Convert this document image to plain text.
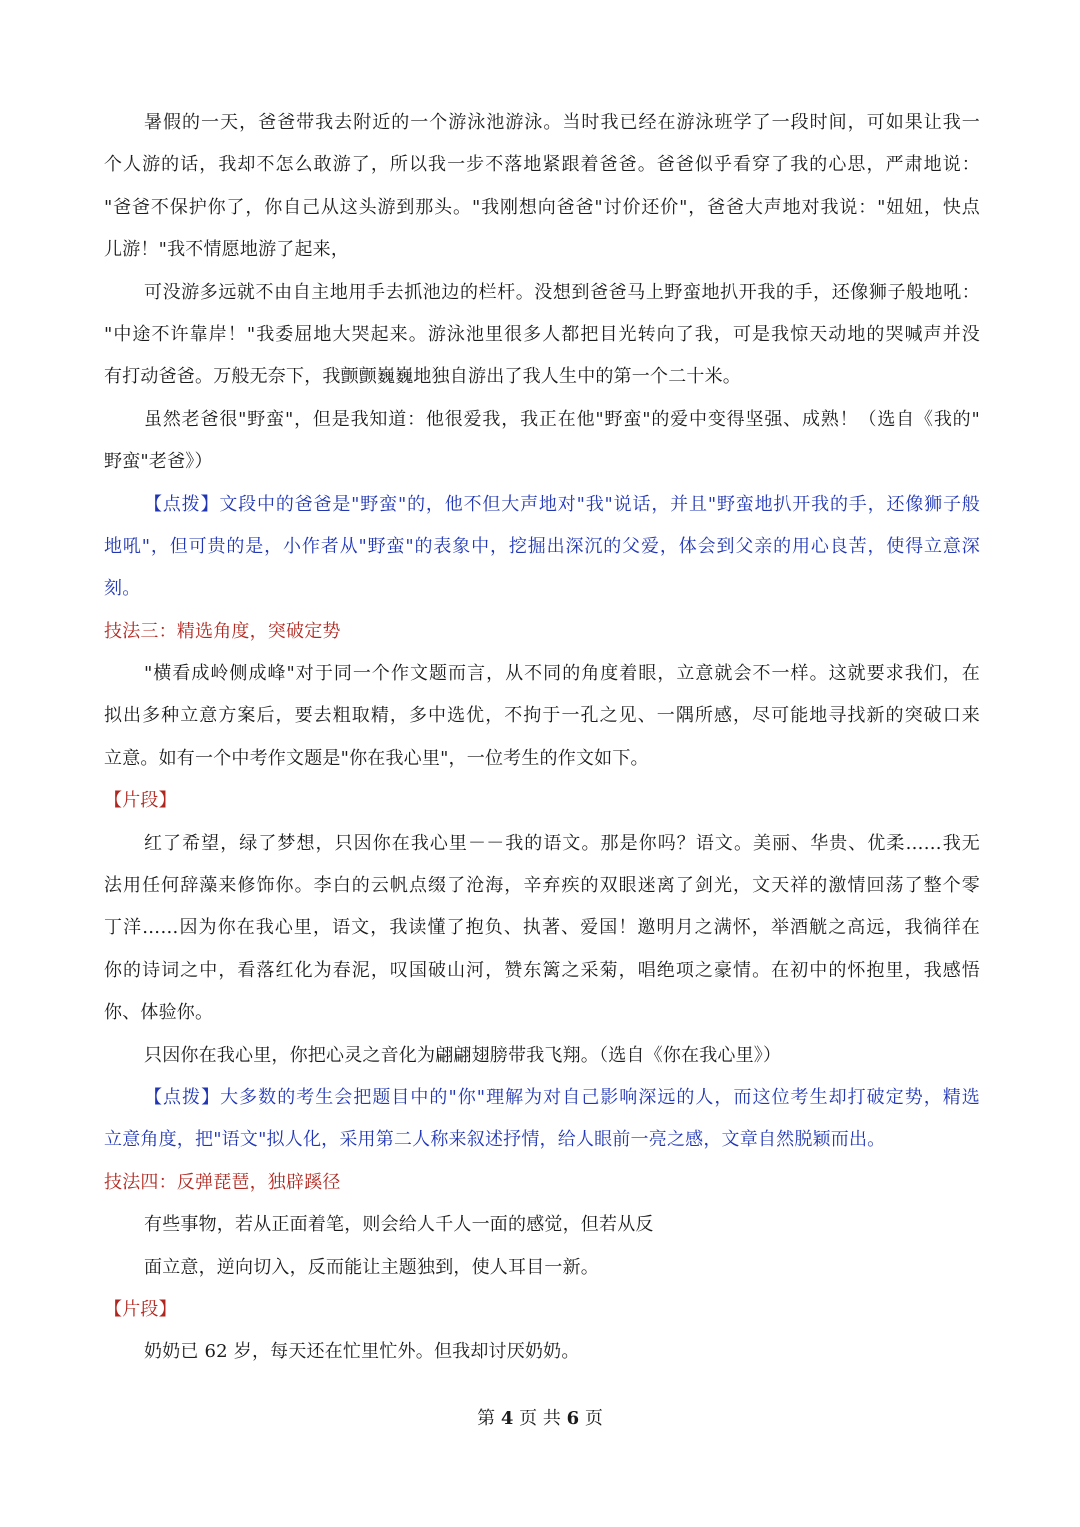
暑假的一天，爸爸带我去附近的一个游泳池游泳。当时我已经在游泳班学了一段时间，可如果让我一
个人游的话，我却不怎么敢游了，所以我一步不落地紧跟着爸爸。爸爸似乎看穿了我的心思，严肃地说：
"爸爸不保护你了，你自己从这头游到那头。"我刚想向爸爸"讨价还价"，爸爸大声地对我说："妞妞，快点
儿游！"我不情愿地游了起来，
可没游多远就不由自主地用手去抓池边的栏杆。没想到爸爸马上野蛮地扒开我的手，还像狮子般地吼：
"中途不许靠岸！"我委屈地大哭起来。游泳池里很多人都把目光转向了我，可是我惊天动地的哭喊声并没
有打动爸爸。万般无奈下，我颤颤巍巍地独自游出了我人生中的第一个二十米。
虽然老爸很"野蛮"，但是我知道：他很爱我，我正在他"野蛮"的爱中变得坚强、成熟！（选自《我的"
野蛮"老爸》）
【点拨】文段中的爸爸是"野蛮"的，他不但大声地对"我"说话，并且"野蛮地扒开我的手，还像狮子般
地吼"，但可贵的是，小作者从"野蛮"的表象中，挖掘出深沉的父爱，体会到父亲的用心良苦，使得立意深
刻。
技法三：精选角度，突破定势
"横看成岭侧成峰"对于同一个作文题而言，从不同的角度着眼，立意就会不一样。这就要求我们，在
拟出多种立意方案后，要去粗取精，多中选优，不拘于一孔之见、一隅所感，尽可能地寻找新的突破口来
立意。如有一个中考作文题是"你在我心里"，一位考生的作文如下。
【片段】
红了希望，绿了梦想，只因你在我心里－－我的语文。那是你吗？语文。美丽、华贵、优柔……我无
法用任何辞藻来修饰你。李白的云帆点缀了沧海，辛弃疾的双眼迷离了剑光，文天祥的激情回荡了整个零
丁洋……因为你在我心里，语文，我读懂了抱负、执著、爱国！邀明月之满怀，举酒觥之高远，我徜徉在
你的诗词之中，看落红化为春泥，叹国破山河，赞东篱之采菊，唱绝项之豪情。在初中的怀抱里，我感悟
你、体验你。
只因你在我心里，你把心灵之音化为翩翩翅膀带我飞翔。（选自《你在我心里》）
【点拨】大多数的考生会把题目中的"你"理解为对自己影响深远的人，而这位考生却打破定势，精选
立意角度，把"语文"拟人化，采用第二人称来叙述抒情，给人眼前一亮之感，文章自然脱颖而出。
技法四：反弹琵琶，独辟蹊径
有些事物，若从正面着笔，则会给人千人一面的感觉，但若从反
面立意，逆向切入，反而能让主题独到，使人耳目一新。
【片段】
奶奶已 62 岁，每天还在忙里忙外。但我却讨厌奶奶。
第 4 页 共 6 页
